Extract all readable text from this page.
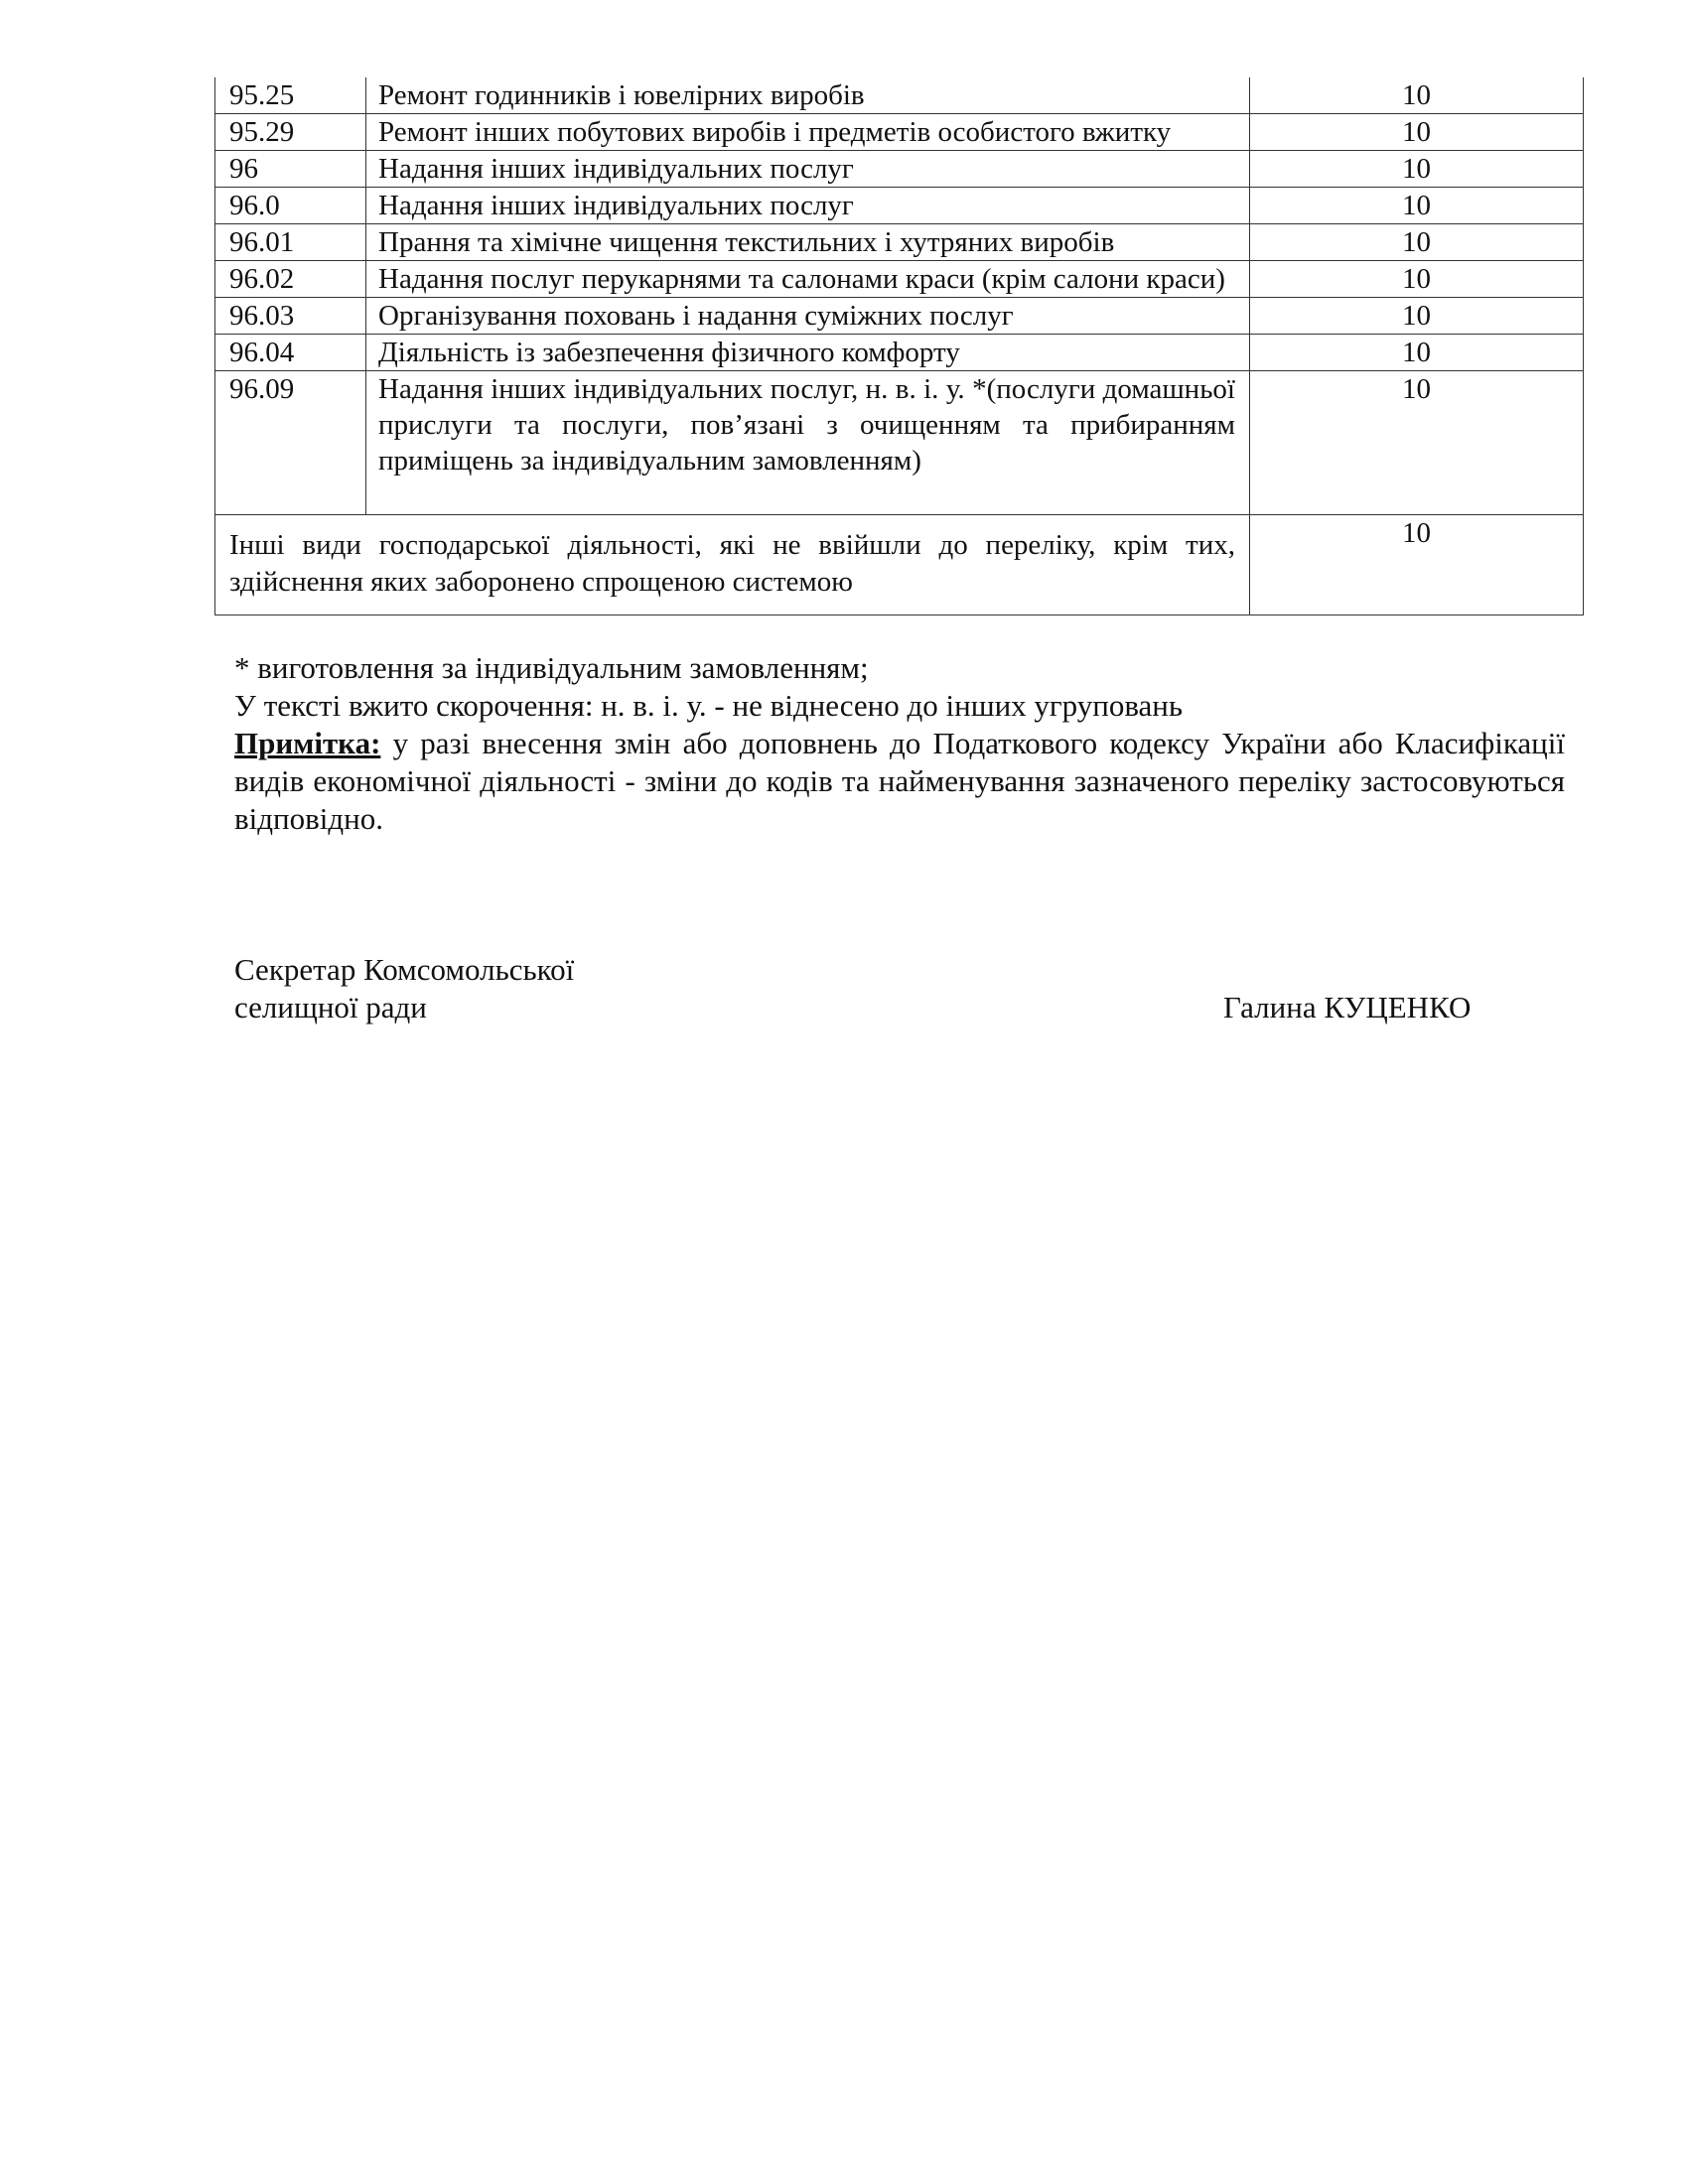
95.25	Ремонт годинників і ювелірних виробів	10
95.29	Ремонт інших побутових виробів і предметів особистого вжитку	10
96	Надання інших індивідуальних послуг	10
96.0	Надання інших індивідуальних послуг	10
96.01	Прання та хімічне чищення текстильних і хутряних виробів	10
96.02	Надання послуг перукарнями та салонами краси (крім салони краси)	10
96.03	Організування поховань і надання суміжних послуг	10
96.04	Діяльність із забезпечення фізичного комфорту	10
96.09	Надання інших індивідуальних послуг, н. в. і. у. *(послуги домашньої прислуги та послуги, пов’язані з очищенням та прибиранням приміщень за індивідуальним замовленням)	10
Інші види господарської діяльності, які не ввійшли до переліку, крім тих, здійснення яких заборонено спрощеною системою		10

* виготовлення за індивідуальним замовленням;

У тексті вжито скорочення: н. в. і. у. - не віднесено до інших угруповань

Примітка: у разі внесення змін або доповнень до Податкового кодексу України або Класифікації видів економічної діяльності - зміни до кодів та найменування зазначеного переліку застосовуються відповідно.

Секретар Комсомольської
селищної ради	Галина КУЦЕНКО
